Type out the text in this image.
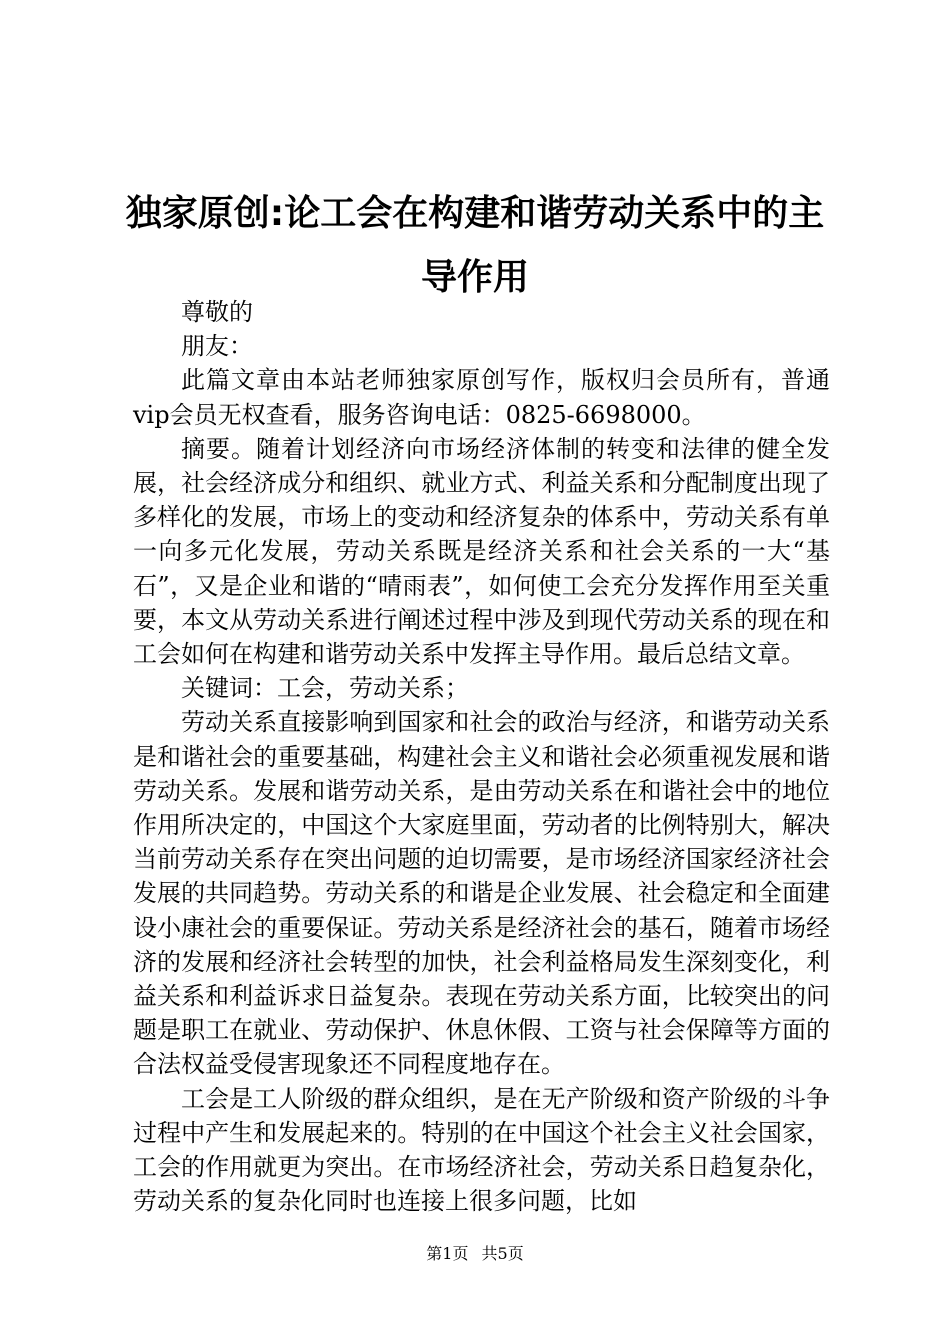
独家原创:论工会在构建和谐劳动关系中的主导作用

尊敬的

朋友：

此篇文章由本站老师独家原创写作，版权归会员所有，普通vip会员无权查看，服务咨询电话：0825-6698000。

摘要。随着计划经济向市场经济体制的转变和法律的健全发展，社会经济成分和组织、就业方式、利益关系和分配制度出现了多样化的发展，市场上的变动和经济复杂的体系中，劳动关系有单一向多元化发展，劳动关系既是经济关系和社会关系的一大“基石”，又是企业和谐的“晴雨表”，如何使工会充分发挥作用至关重要，本文从劳动关系进行阐述过程中涉及到现代劳动关系的现在和工会如何在构建和谐劳动关系中发挥主导作用。最后总结文章。

关键词：工会，劳动关系；

劳动关系直接影响到国家和社会的政治与经济，和谐劳动关系是和谐社会的重要基础，构建社会主义和谐社会必须重视发展和谐劳动关系。发展和谐劳动关系，是由劳动关系在和谐社会中的地位作用所决定的，中国这个大家庭里面，劳动者的比例特别大，解决当前劳动关系存在突出问题的迫切需要，是市场经济国家经济社会发展的共同趋势。劳动关系的和谐是企业发展、社会稳定和全面建设小康社会的重要保证。劳动关系是经济社会的基石，随着市场经济的发展和经济社会转型的加快，社会利益格局发生深刻变化，利益关系和利益诉求日益复杂。表现在劳动关系方面，比较突出的问题是职工在就业、劳动保护、休息休假、工资与社会保障等方面的合法权益受侵害现象还不同程度地存在。

工会是工人阶级的群众组织，是在无产阶级和资产阶级的斗争过程中产生和发展起来的。特别的在中国这个社会主义社会国家，工会的作用就更为突出。在市场经济社会，劳动关系日趋复杂化，劳动关系的复杂化同时也连接上很多问题，比如

第1页 共5页
